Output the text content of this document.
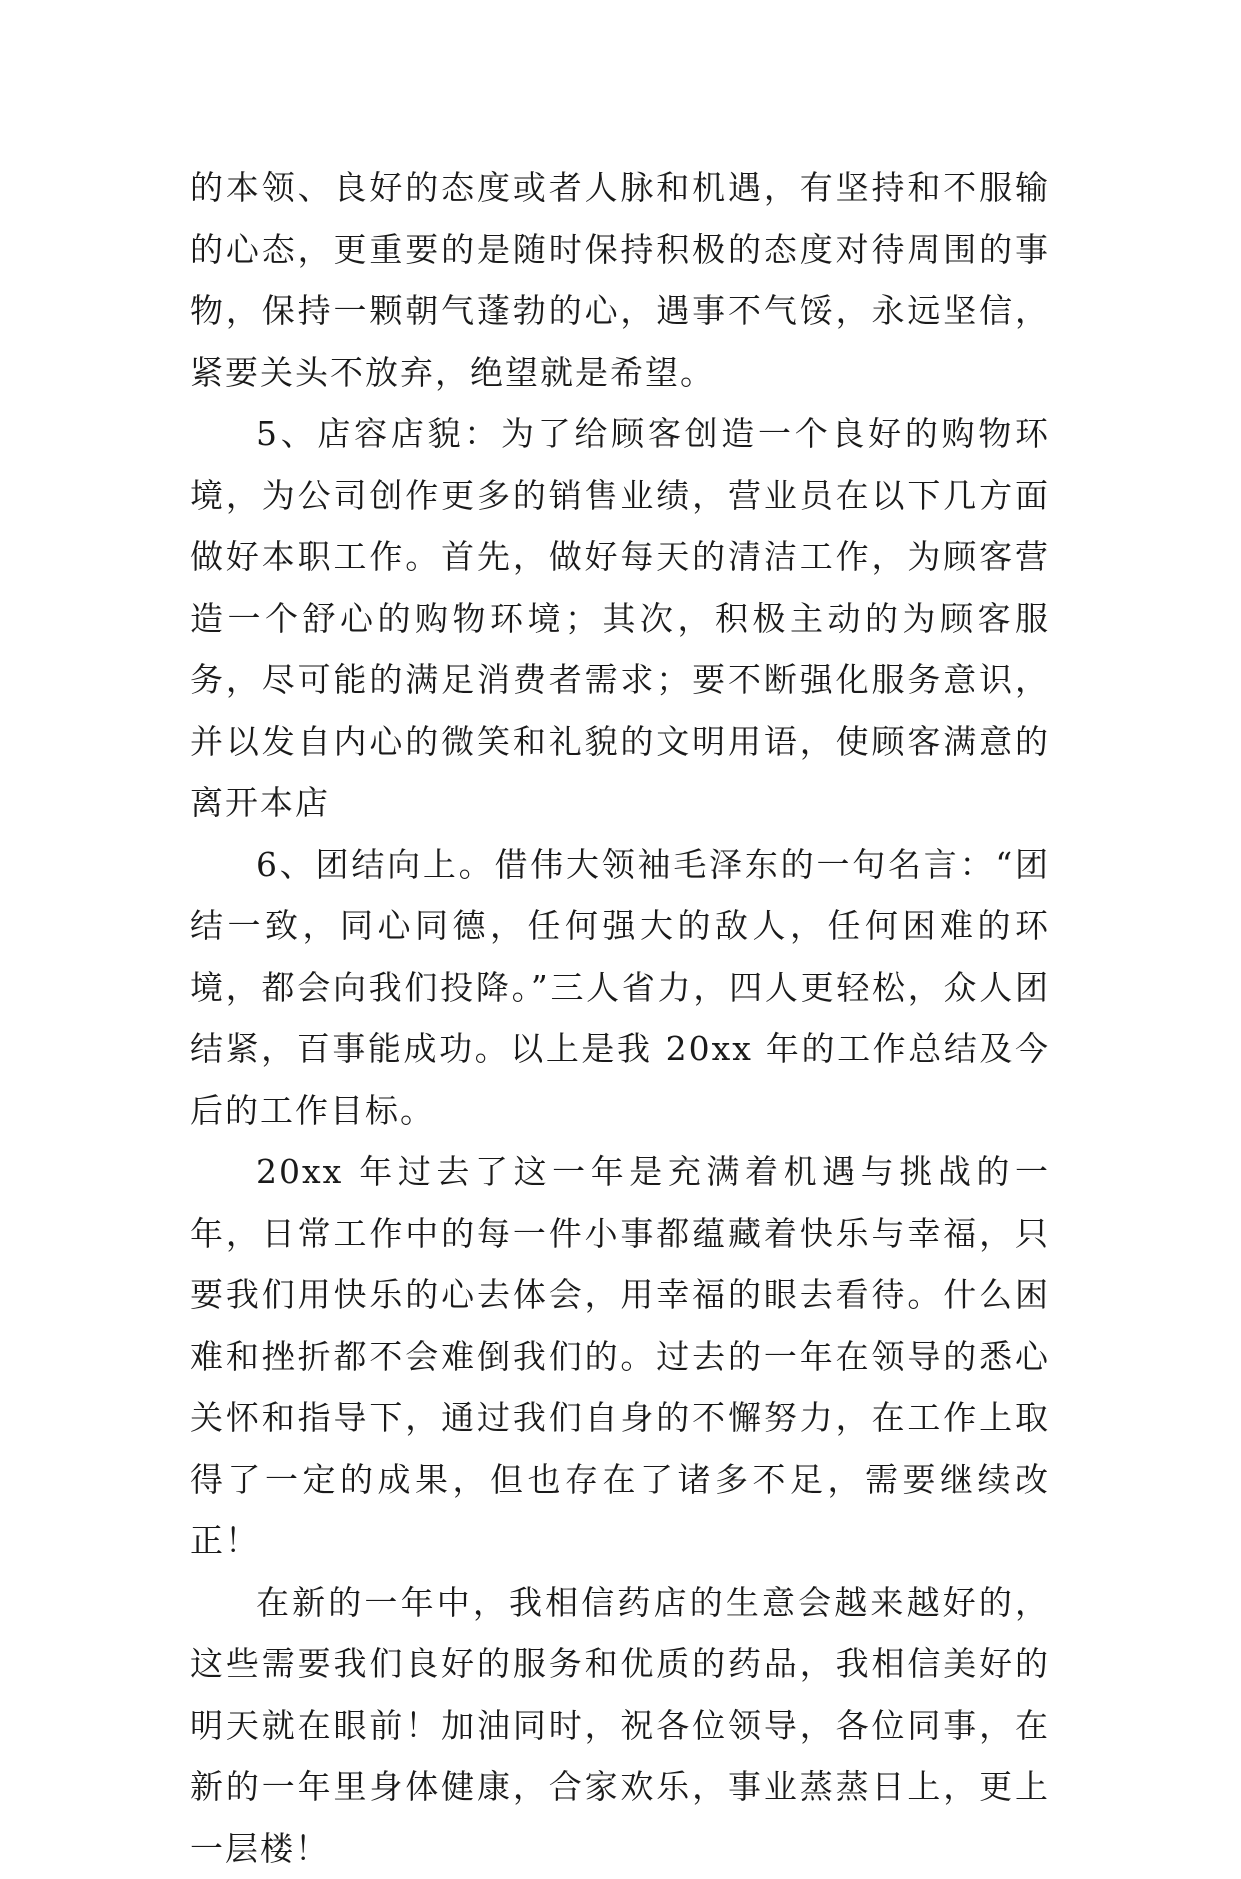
的本领、良好的态度或者人脉和机遇，有坚持和不服输的心态，更重要的是随时保持积极的态度对待周围的事物，保持一颗朝气蓬勃的心，遇事不气馁，永远坚信，紧要关头不放弃，绝望就是希望。

5、店容店貌：为了给顾客创造一个良好的购物环境，为公司创作更多的销售业绩，营业员在以下几方面做好本职工作。首先，做好每天的清洁工作，为顾客营造一个舒心的购物环境；其次，积极主动的为顾客服务，尽可能的满足消费者需求；要不断强化服务意识，并以发自内心的微笑和礼貌的文明用语，使顾客满意的离开本店

6、团结向上。借伟大领袖毛泽东的一句名言：“团结一致，同心同德，任何强大的敌人，任何困难的环境，都会向我们投降。”三人省力，四人更轻松，众人团结紧，百事能成功。以上是我 20xx 年的工作总结及今后的工作目标。

20xx 年过去了这一年是充满着机遇与挑战的一年，日常工作中的每一件小事都蕴藏着快乐与幸福，只要我们用快乐的心去体会，用幸福的眼去看待。什么困难和挫折都不会难倒我们的。过去的一年在领导的悉心关怀和指导下，通过我们自身的不懈努力，在工作上取得了一定的成果，但也存在了诸多不足，需要继续改正！

在新的一年中，我相信药店的生意会越来越好的，这些需要我们良好的服务和优质的药品，我相信美好的明天就在眼前！加油同时，祝各位领导，各位同事，在新的一年里身体健康，合家欢乐，事业蒸蒸日上，更上一层楼！
